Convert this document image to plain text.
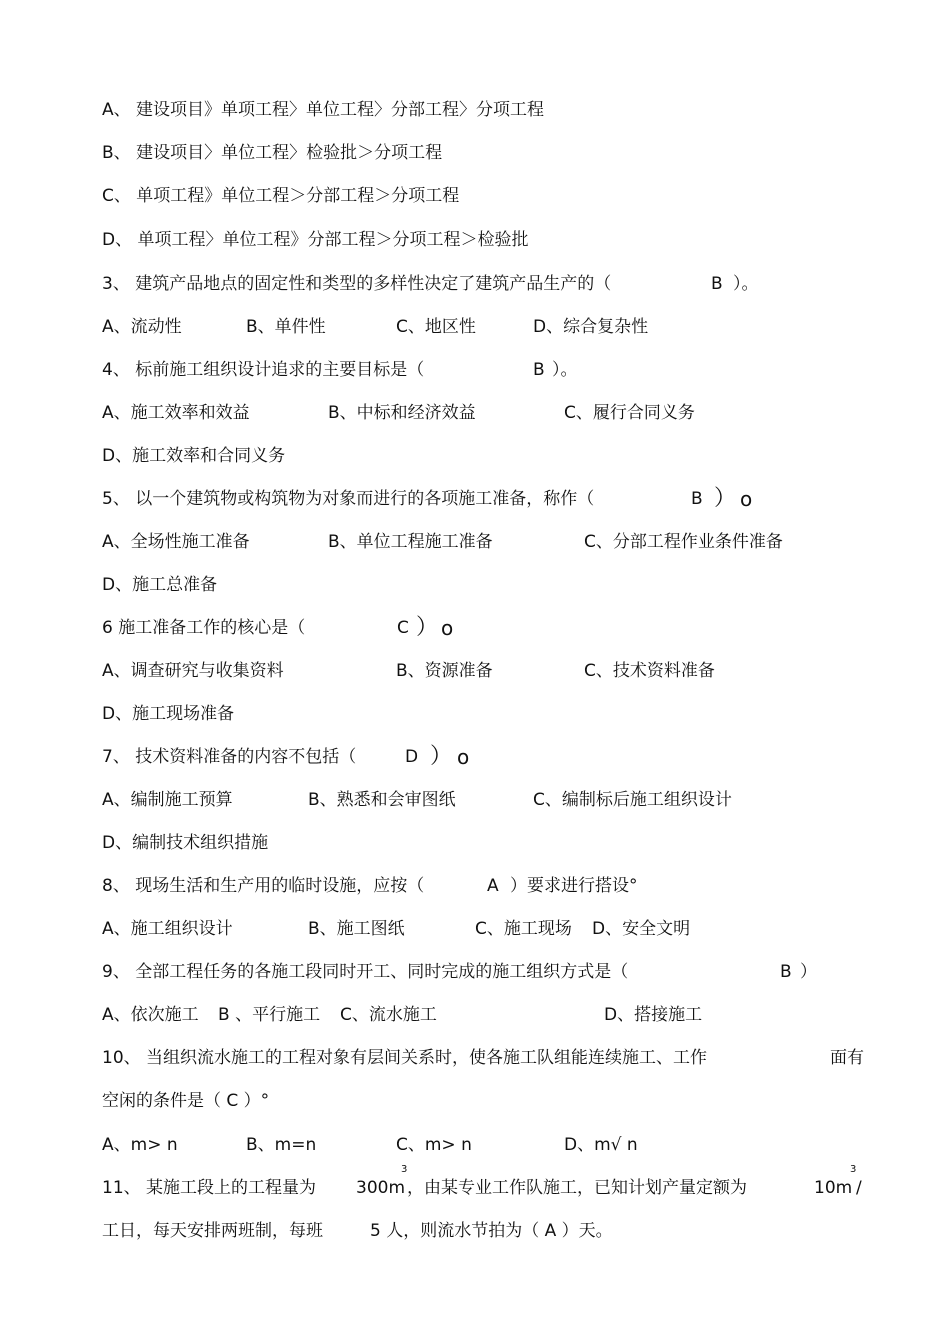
A、 建设项目》单项工程〉单位工程〉分部工程〉分项工程
B、 建设项目〉单位工程〉检验批＞分项工程
C、 单项工程》单位工程＞分部工程＞分项工程
D、 单项工程〉单位工程》分部工程＞分项工程＞检验批
3、 建筑产品地点的固定性和类型的多样性决定了建筑产品生产的（	B ）。
A、流动性	B、单件性	C、地区性	D、综合复杂性
4、 标前施工组织设计追求的主要目标是（	B ）。
A、施工效率和效益	B、中标和经济效益	C、履行合同义务
D、施工效率和合同义务
5、 以一个建筑物或构筑物为对象而进行的各项施工准备，称作（	B ） o
A、全场性施工准备	B、单位工程施工准备	C、分部工程作业条件准备
D、施工总准备
6 施工准备工作的核心是（	C ） o
A、调查研究与收集资料	B、资源准备	C、技术资料准备
D、施工现场准备
7、 技术资料准备的内容不包括（	D ） o
A、编制施工预算	B、熟悉和会审图纸	C、编制标后施工组织设计
D、编制技术组织措施
8、 现场生活和生产用的临时设施，应按（	A ）要求进行搭设°
A、施工组织设计	B、施工图纸	C、施工现场 D、安全文明
9、 全部工程任务的各施工段同时开工、同时完成的施工组织方式是（	B ）
A、依次施工 B 、平行施工 C、流水施工	D、搭接施工
10、 当组织流水施工的工程对象有层间关系时，使各施工队组能连续施工、工作	面有
空闲的条件是（ C ）°
A、m> n	B、m=n	C、m> n	D、m√ n
11、 某施工段上的工程量为 300m
3
，由某专业工作队施工，已知计划产量定额为	10m
3
/
工日，每天安排两班制，每班	5 人，则流水节拍为（ A ）天。
